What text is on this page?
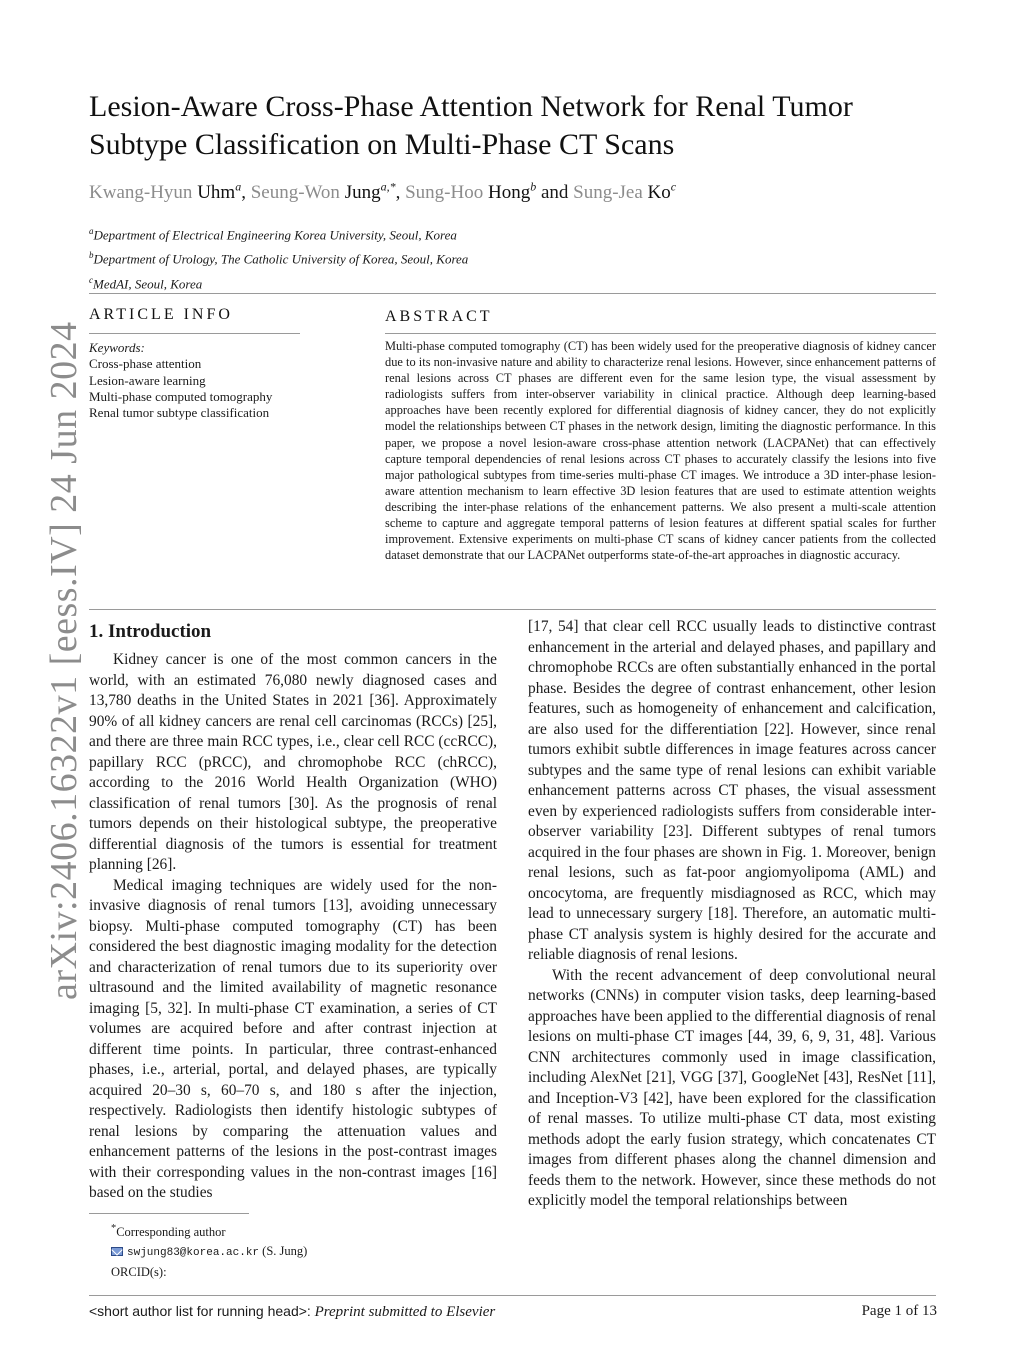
arXiv:2406.16322v1 [eess.IV] 24 Jun 2024
Lesion-Aware Cross-Phase Attention Network for Renal Tumor Subtype Classification on Multi-Phase CT Scans
Kwang-Hyun Uhm$^a$, Seung-Won Jung$^{a,*}$, Sung-Hoo Hong$^b$ and Sung-Jea Ko$^c$
$^a$Department of Electrical Engineering Korea University, Seoul, Korea
$^b$Department of Urology, The Catholic University of Korea, Seoul, Korea
$^c$MedAI, Seoul, Korea
ARTICLE INFO
Keywords:
Cross-phase attention
Lesion-aware learning
Multi-phase computed tomography
Renal tumor subtype classification
ABSTRACT

Multi-phase computed tomography (CT) has been widely used for the preoperative diagnosis of kidney cancer due to its non-invasive nature and ability to characterize renal lesions. However, since enhancement patterns of renal lesions across CT phases are different even for the same lesion type, the visual assessment by radiologists suffers from inter-observer variability in clinical practice. Although deep learning-based approaches have been recently explored for differential diagnosis of kidney cancer, they do not explicitly model the relationships between CT phases in the network design, limiting the diagnostic performance. In this paper, we propose a novel lesion-aware cross-phase attention network (LACPANet) that can effectively capture temporal dependencies of renal lesions across CT phases to accurately classify the lesions into five major pathological subtypes from time-series multi-phase CT images. We introduce a 3D inter-phase lesion-aware attention mechanism to learn effective 3D lesion features that are used to estimate attention weights describing the inter-phase relations of the enhancement patterns. We also present a multi-scale attention scheme to capture and aggregate temporal patterns of lesion features at different spatial scales for further improvement. Extensive experiments on multi-phase CT scans of kidney cancer patients from the collected dataset demonstrate that our LACPANet outperforms state-of-the-art approaches in diagnostic accuracy.

1. Introduction

Kidney cancer is one of the most common cancers in the world, with an estimated 76,080 newly diagnosed cases and 13,780 deaths in the United States in 2021 [36]. Approximately 90% of all kidney cancers are renal cell carcinomas (RCCs) [25], and there are three main RCC types, i.e., clear cell RCC (ccRCC), papillary RCC (pRCC), and chromophobe RCC (chRCC), according to the 2016 World Health Organization (WHO) classification of renal tumors [30]. As the prognosis of renal tumors depends on their histological subtype, the preoperative differential diagnosis of the tumors is essential for treatment planning [26].

Medical imaging techniques are widely used for the non-invasive diagnosis of renal tumors [13], avoiding unnecessary biopsy. Multi-phase computed tomography (CT) has been considered the best diagnostic imaging modality for the detection and characterization of renal tumors due to its superiority over ultrasound and the limited availability of magnetic resonance imaging [5, 32]. In multi-phase CT examination, a series of CT volumes are acquired before and after contrast injection at different time points. In particular, three contrast-enhanced phases, i.e., arterial, portal, and delayed phases, are typically acquired 20–30 s, 60–70 s, and 180 s after the injection, respectively. Radiologists then identify histologic subtypes of renal lesions by comparing the attenuation values and enhancement patterns of the lesions in the post-contrast images with their corresponding values in the non-contrast images [16] based on the studies

[17, 54] that clear cell RCC usually leads to distinctive contrast enhancement in the arterial and delayed phases, and papillary and chromophobe RCCs are often substantially enhanced in the portal phase. Besides the degree of contrast enhancement, other lesion features, such as homogeneity of enhancement and calcification, are also used for the differentiation [22]. However, since renal tumors exhibit subtle differences in image features across cancer subtypes and the same type of renal lesions can exhibit variable enhancement patterns across CT phases, the visual assessment even by experienced radiologists suffers from considerable inter-observer variability [23]. Different subtypes of renal tumors acquired in the four phases are shown in Fig. 1. Moreover, benign renal lesions, such as fat-poor angiomyolipoma (AML) and oncocytoma, are frequently misdiagnosed as RCC, which may lead to unnecessary surgery [18]. Therefore, an automatic multi-phase CT analysis system is highly desired for the accurate and reliable diagnosis of renal lesions.

With the recent advancement of deep convolutional neural networks (CNNs) in computer vision tasks, deep learning-based approaches have been applied to the differential diagnosis of renal lesions on multi-phase CT images [44, 39, 6, 9, 31, 48]. Various CNN architectures commonly used in image classification, including AlexNet [21], VGG [37], GoogleNet [43], ResNet [11], and Inception-V3 [42], have been explored for the classification of renal masses. To utilize multi-phase CT data, most existing methods adopt the early fusion strategy, which concatenates CT images from different phases along the channel dimension and feeds them to the network. However, since these methods do not explicitly model the temporal relationships between

*Corresponding author
swjung83@korea.ac.kr (S. Jung)
ORCID(s):
<short author list for running head>: Preprint submitted to Elsevier	Page 1 of 13
